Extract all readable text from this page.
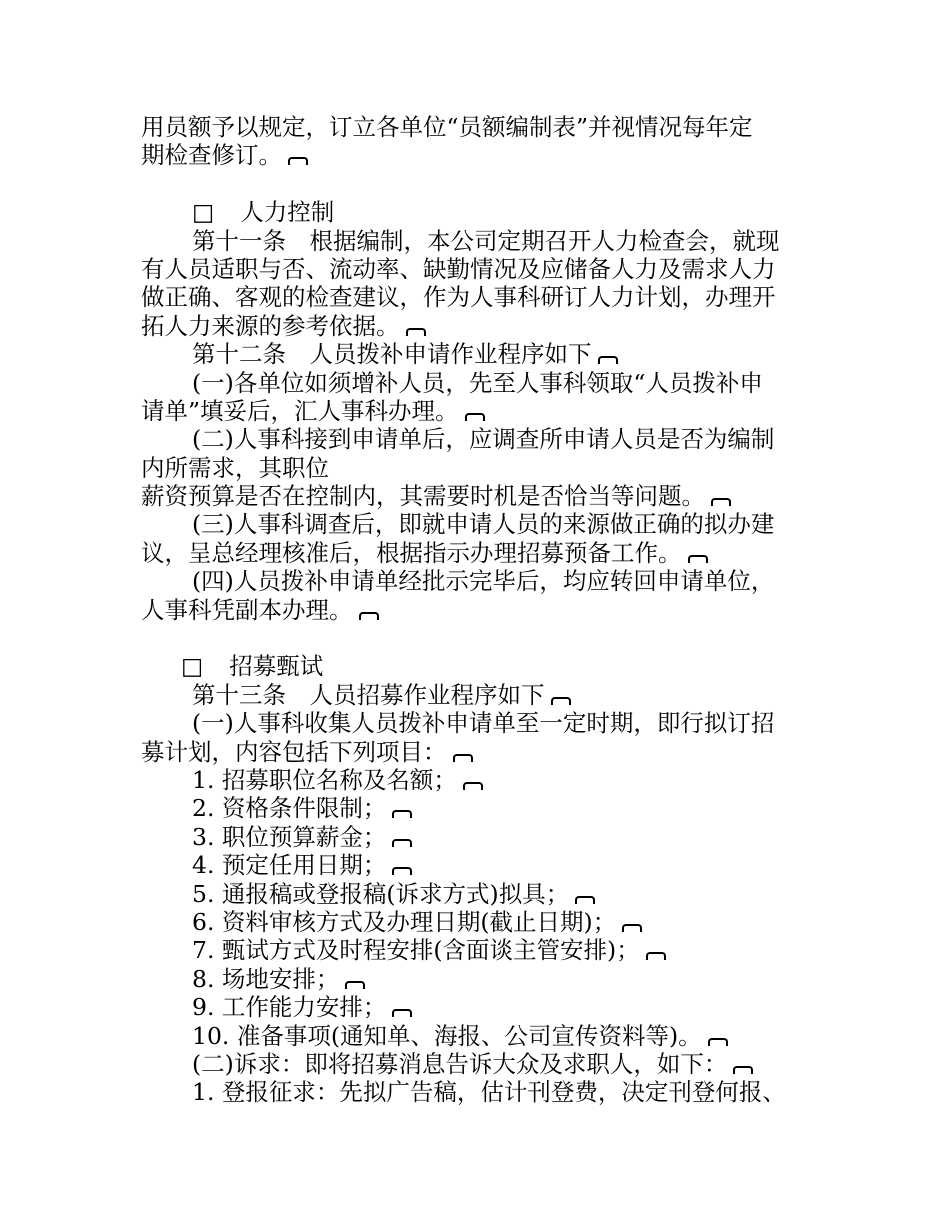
用员额予以规定，订立各单位“员额编制表”并视情况每年定
期检查修订。
□ 人力控制
第十一条　根据编制，本公司定期召开人力检查会，就现
有人员适职与否、流动率、缺勤情况及应储备人力及需求人力
做正确、客观的检查建议，作为人事科研订人力计划，办理开
拓人力来源的参考依据。
第十二条　人员拨补申请作业程序如下
(一)各单位如须增补人员，先至人事科领取“人员拨补申
请单”填妥后，汇人事科办理。
(二)人事科接到申请单后，应调查所申请人员是否为编制
内所需求，其职位
薪资预算是否在控制内，其需要时机是否恰当等问题。
(三)人事科调查后，即就申请人员的来源做正确的拟办建
议，呈总经理核准后，根据指示办理招募预备工作。
(四)人员拨补申请单经批示完毕后，均应转回申请单位，
人事科凭副本办理。
□ 招募甄试
第十三条　人员招募作业程序如下
(一)人事科收集人员拨补申请单至一定时期，即行拟订招
募计划，内容包括下列项目：
1. 招募职位名称及名额；
2. 资格条件限制；
3. 职位预算薪金；
4. 预定任用日期；
5. 通报稿或登报稿(诉求方式)拟具；
6. 资料审核方式及办理日期(截止日期)；
7. 甄试方式及时程安排(含面谈主管安排)；
8. 场地安排；
9. 工作能力安排；
10. 准备事项(通知单、海报、公司宣传资料等)。
(二)诉求：即将招募消息告诉大众及求职人，如下：
1. 登报征求：先拟广告稿，估计刊登费，决定刊登何报、
